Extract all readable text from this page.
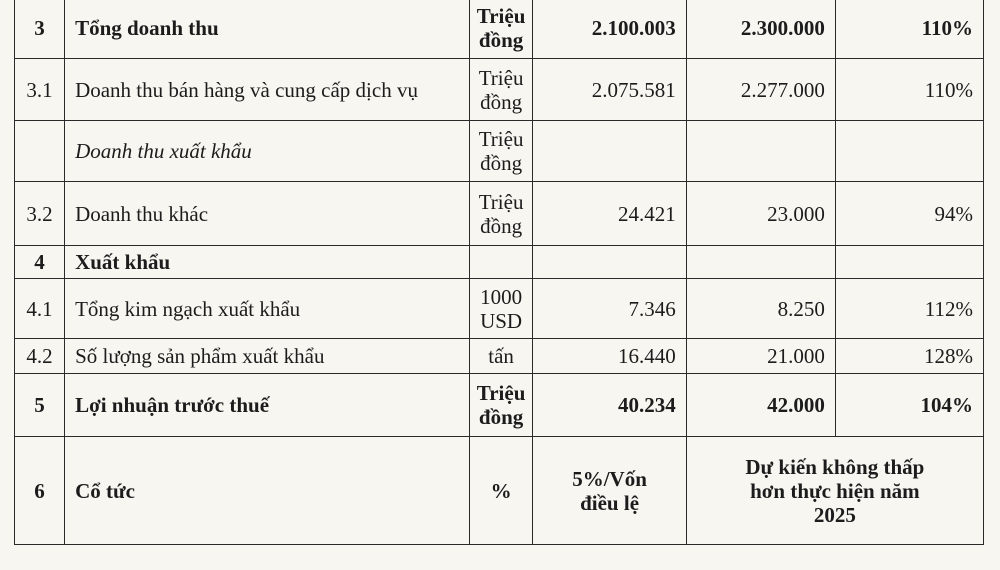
3	Tổng doanh thu	Triệu đồng	2.100.003	2.300.000	110%
3.1	Doanh thu bán hàng và cung cấp dịch vụ	Triệu đồng	2.075.581	2.277.000	110%
	Doanh thu xuất khẩu	Triệu đồng			
3.2	Doanh thu khác	Triệu đồng	24.421	23.000	94%
4	Xuất khẩu				
4.1	Tổng kim ngạch xuất khẩu	1000 USD	7.346	8.250	112%
4.2	Số lượng sản phẩm xuất khẩu	tấn	16.440	21.000	128%
5	Lợi nhuận trước thuế	Triệu đồng	40.234	42.000	104%
6	Cổ tức	%	5%/Vốn điều lệ	Dự kiến không thấp hơn thực hiện năm 2025	
